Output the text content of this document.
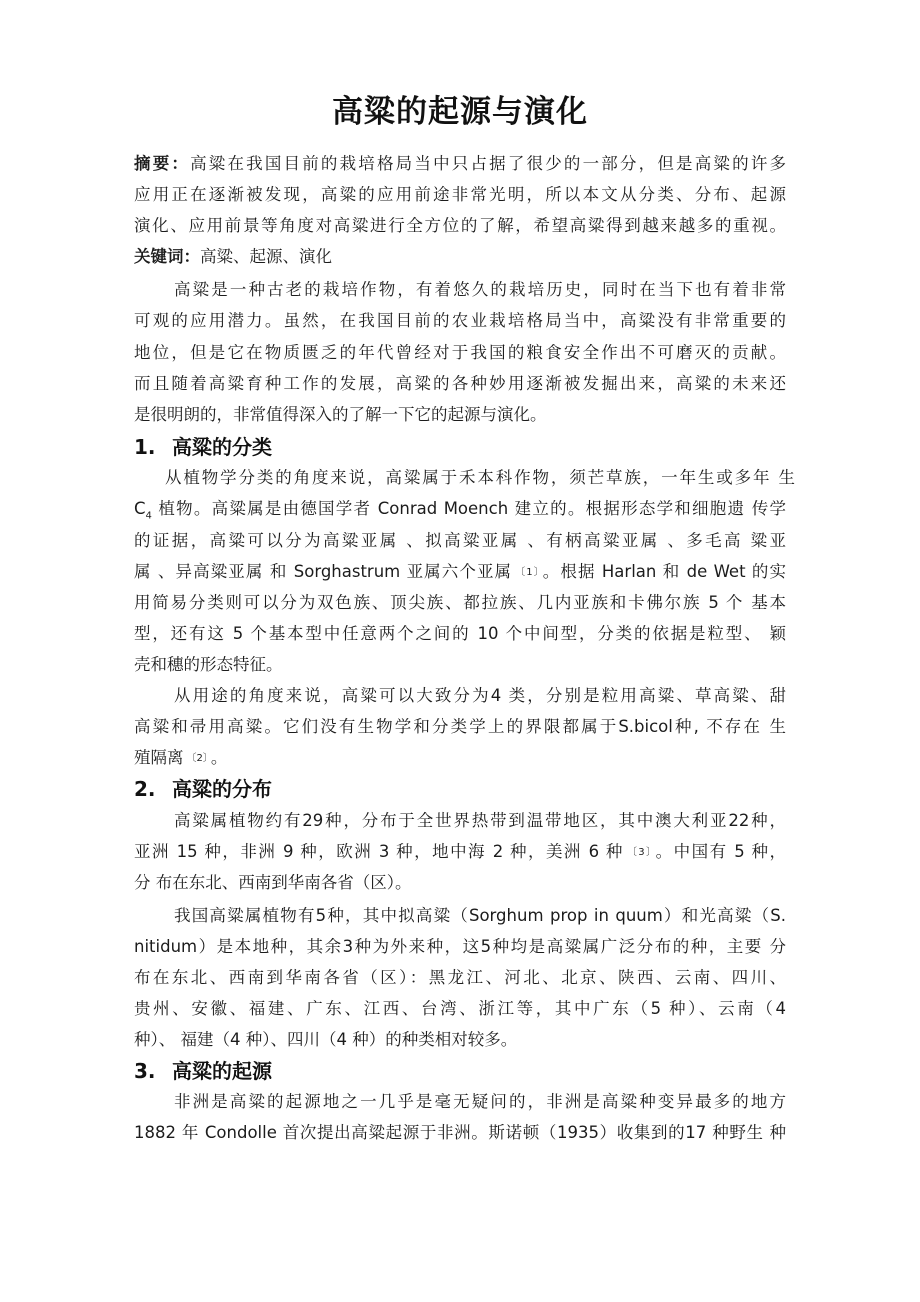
高粱的起源与演化
摘要：高粱在我国目前的栽培格局当中只占据了很少的一部分，但是高粱的许多
应用正在逐渐被发现，高粱的应用前途非常光明，所以本文从分类、分布、起源
演化、应用前景等角度对高粱进行全方位的了解，希望高粱得到越来越多的重视。
关键词：高粱、起源、演化
高粱是一种古老的栽培作物，有着悠久的栽培历史，同时在当下也有着非常
可观的应用潜力。虽然，在我国目前的农业栽培格局当中，高粱没有非常重要的
地位，但是它在物质匮乏的年代曾经对于我国的粮食安全作出不可磨灭的贡献。
而且随着高粱育种工作的发展，高粱的各种妙用逐渐被发掘出来，高粱的未来还
是很明朗的，非常值得深入的了解一下它的起源与演化。
1. 高粱的分类
从植物学分类的角度来说，高粱属于禾本科作物，须芒草族，一年生或多年 生
$C_4$ 植物。高粱属是由德国学者 Conrad Moench 建立的。根据形态学和细胞遗 传学
的证据，高粱可以分为高粱亚属 、拟高粱亚属 、有柄高粱亚属 、多毛高 粱亚
属 、异高粱亚属 和 Sorghastrum 亚属六个亚属 〔1〕 。根据 Harlan 和 de Wet 的实
用简易分类则可以分为双色族、顶尖族、都拉族、几内亚族和卡佛尔族 5 个 基本
型，还有这 5 个基本型中任意两个之间的 10 个中间型，分类的依据是粒型、 颖
壳和穗的形态特征。
从用途的角度来说，高粱可以大致分为4 类，分别是粒用高粱、草高粱、甜
高粱和帚用高粱。它们没有生物学和分类学上的界限都属于S.bicol种, 不存在 生
殖隔离 〔2〕 。
2. 高粱的分布
高粱属植物约有29种，分布于全世界热带到温带地区，其中澳大利亚22种，
亚洲 15 种，非洲 9 种，欧洲 3 种，地中海 2 种，美洲 6 种 〔3〕 。中国有 5 种，
分 布在东北、西南到华南各省（区）。
我国高粱属植物有5种，其中拟高粱（Sorghum prop in quum）和光高粱（S.
nitidum）是本地种，其余3种为外来种，这5种均是高粱属广泛分布的种，主要 分
布在东北、西南到华南各省（区）：黑龙江、河北、北京、陕西、云南、四川、
贵州、安徽、福建、广东、江西、台湾、浙江等，其中广东（5 种）、云南（4
种）、 福建（4 种）、四川（4 种）的种类相对较多。
3. 高粱的起源
非洲是高粱的起源地之一几乎是毫无疑问的，非洲是高粱种变异最多的地方
1882 年 Condolle 首次提出高粱起源于非洲。斯诺顿（1935）收集到的17 种野生 种
